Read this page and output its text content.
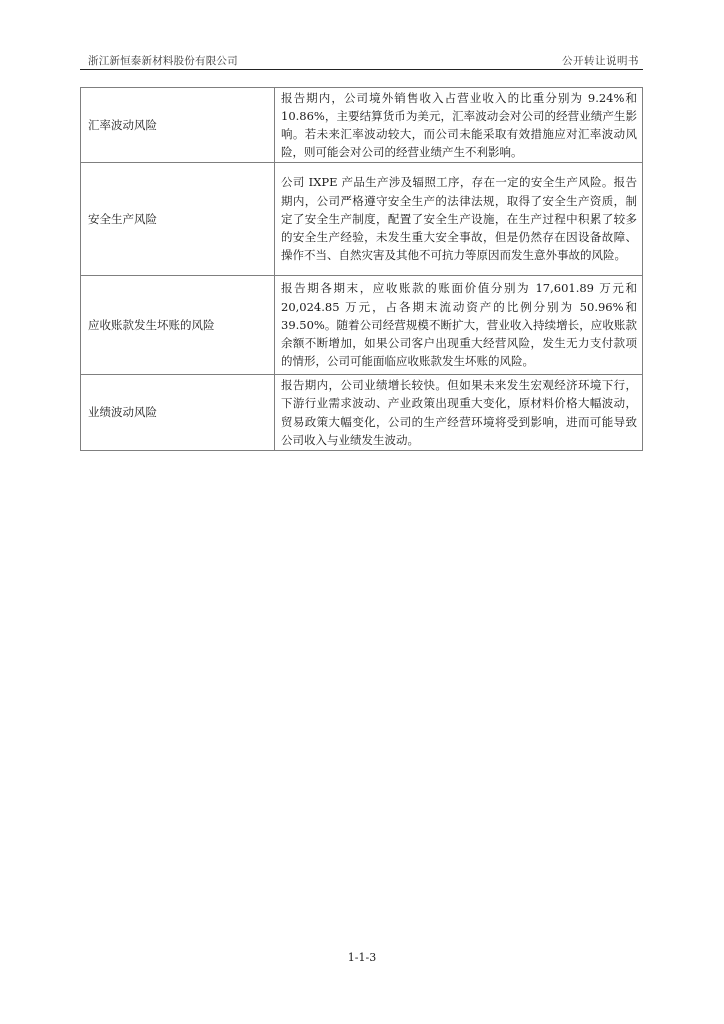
浙江新恒泰新材料股份有限公司	公开转让说明书
汇率波动风险	报告期内，公司境外销售收入占营业收入的比重分别为 9.24%和 10.86%，主要结算货币为美元，汇率波动会对公司的经营业绩产生影响。若未来汇率波动较大，而公司未能采取有效措施应对汇率波动风险，则可能会对公司的经营业绩产生不利影响。
安全生产风险	公司 IXPE 产品生产涉及辐照工序，存在一定的安全生产风险。报告期内，公司严格遵守安全生产的法律法规，取得了安全生产资质，制定了安全生产制度，配置了安全生产设施，在生产过程中积累了较多的安全生产经验，未发生重大安全事故，但是仍然存在因设备故障、操作不当、自然灾害及其他不可抗力等原因而发生意外事故的风险。
应收账款发生坏账的风险	报告期各期末，应收账款的账面价值分别为 17,601.89 万元和 20,024.85 万元，占各期末流动资产的比例分别为 50.96%和 39.50%。随着公司经营规模不断扩大，营业收入持续增长，应收账款余额不断增加，如果公司客户出现重大经营风险，发生无力支付款项的情形，公司可能面临应收账款发生坏账的风险。
业绩波动风险	报告期内，公司业绩增长较快。但如果未来发生宏观经济环境下行，下游行业需求波动、产业政策出现重大变化，原材料价格大幅波动，贸易政策大幅变化，公司的生产经营环境将受到影响，进而可能导致公司收入与业绩发生波动。
1-1-3
